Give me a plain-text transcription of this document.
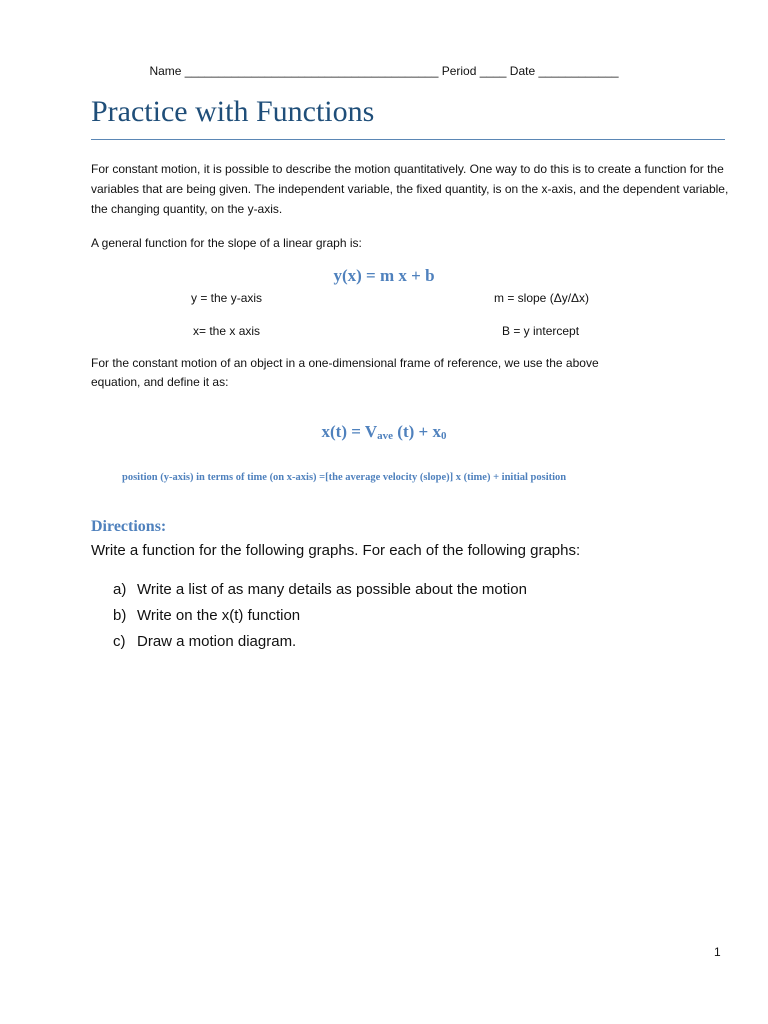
Name ______________________________________ Period ____ Date ____________
Practice with Functions

For constant motion, it is possible to describe the motion quantitatively. One way to do this is to create a function for the variables that are being given. The independent variable, the fixed quantity, is on the x-axis, and the dependent variable, the changing quantity, on the y-axis.

A general function for the slope of a linear graph is:

y(x) = m x + b
y = the y-axis	m = slope (Δy/Δx)
x= the x axis	B = y intercept

For the constant motion of an object in a one-dimensional frame of reference, we use the above equation, and define it as:

$x(t) = V_{ave}$ $(t) + x_0$
position (y-axis) in terms of time (on x-axis) =[the average velocity (slope)] x (time) + initial position
Directions:

Write a function for the following graphs. For each of the following graphs:

a) Write a list of as many details as possible about the motion
b) Write on the x(t) function
c) Draw a motion diagram.
1
